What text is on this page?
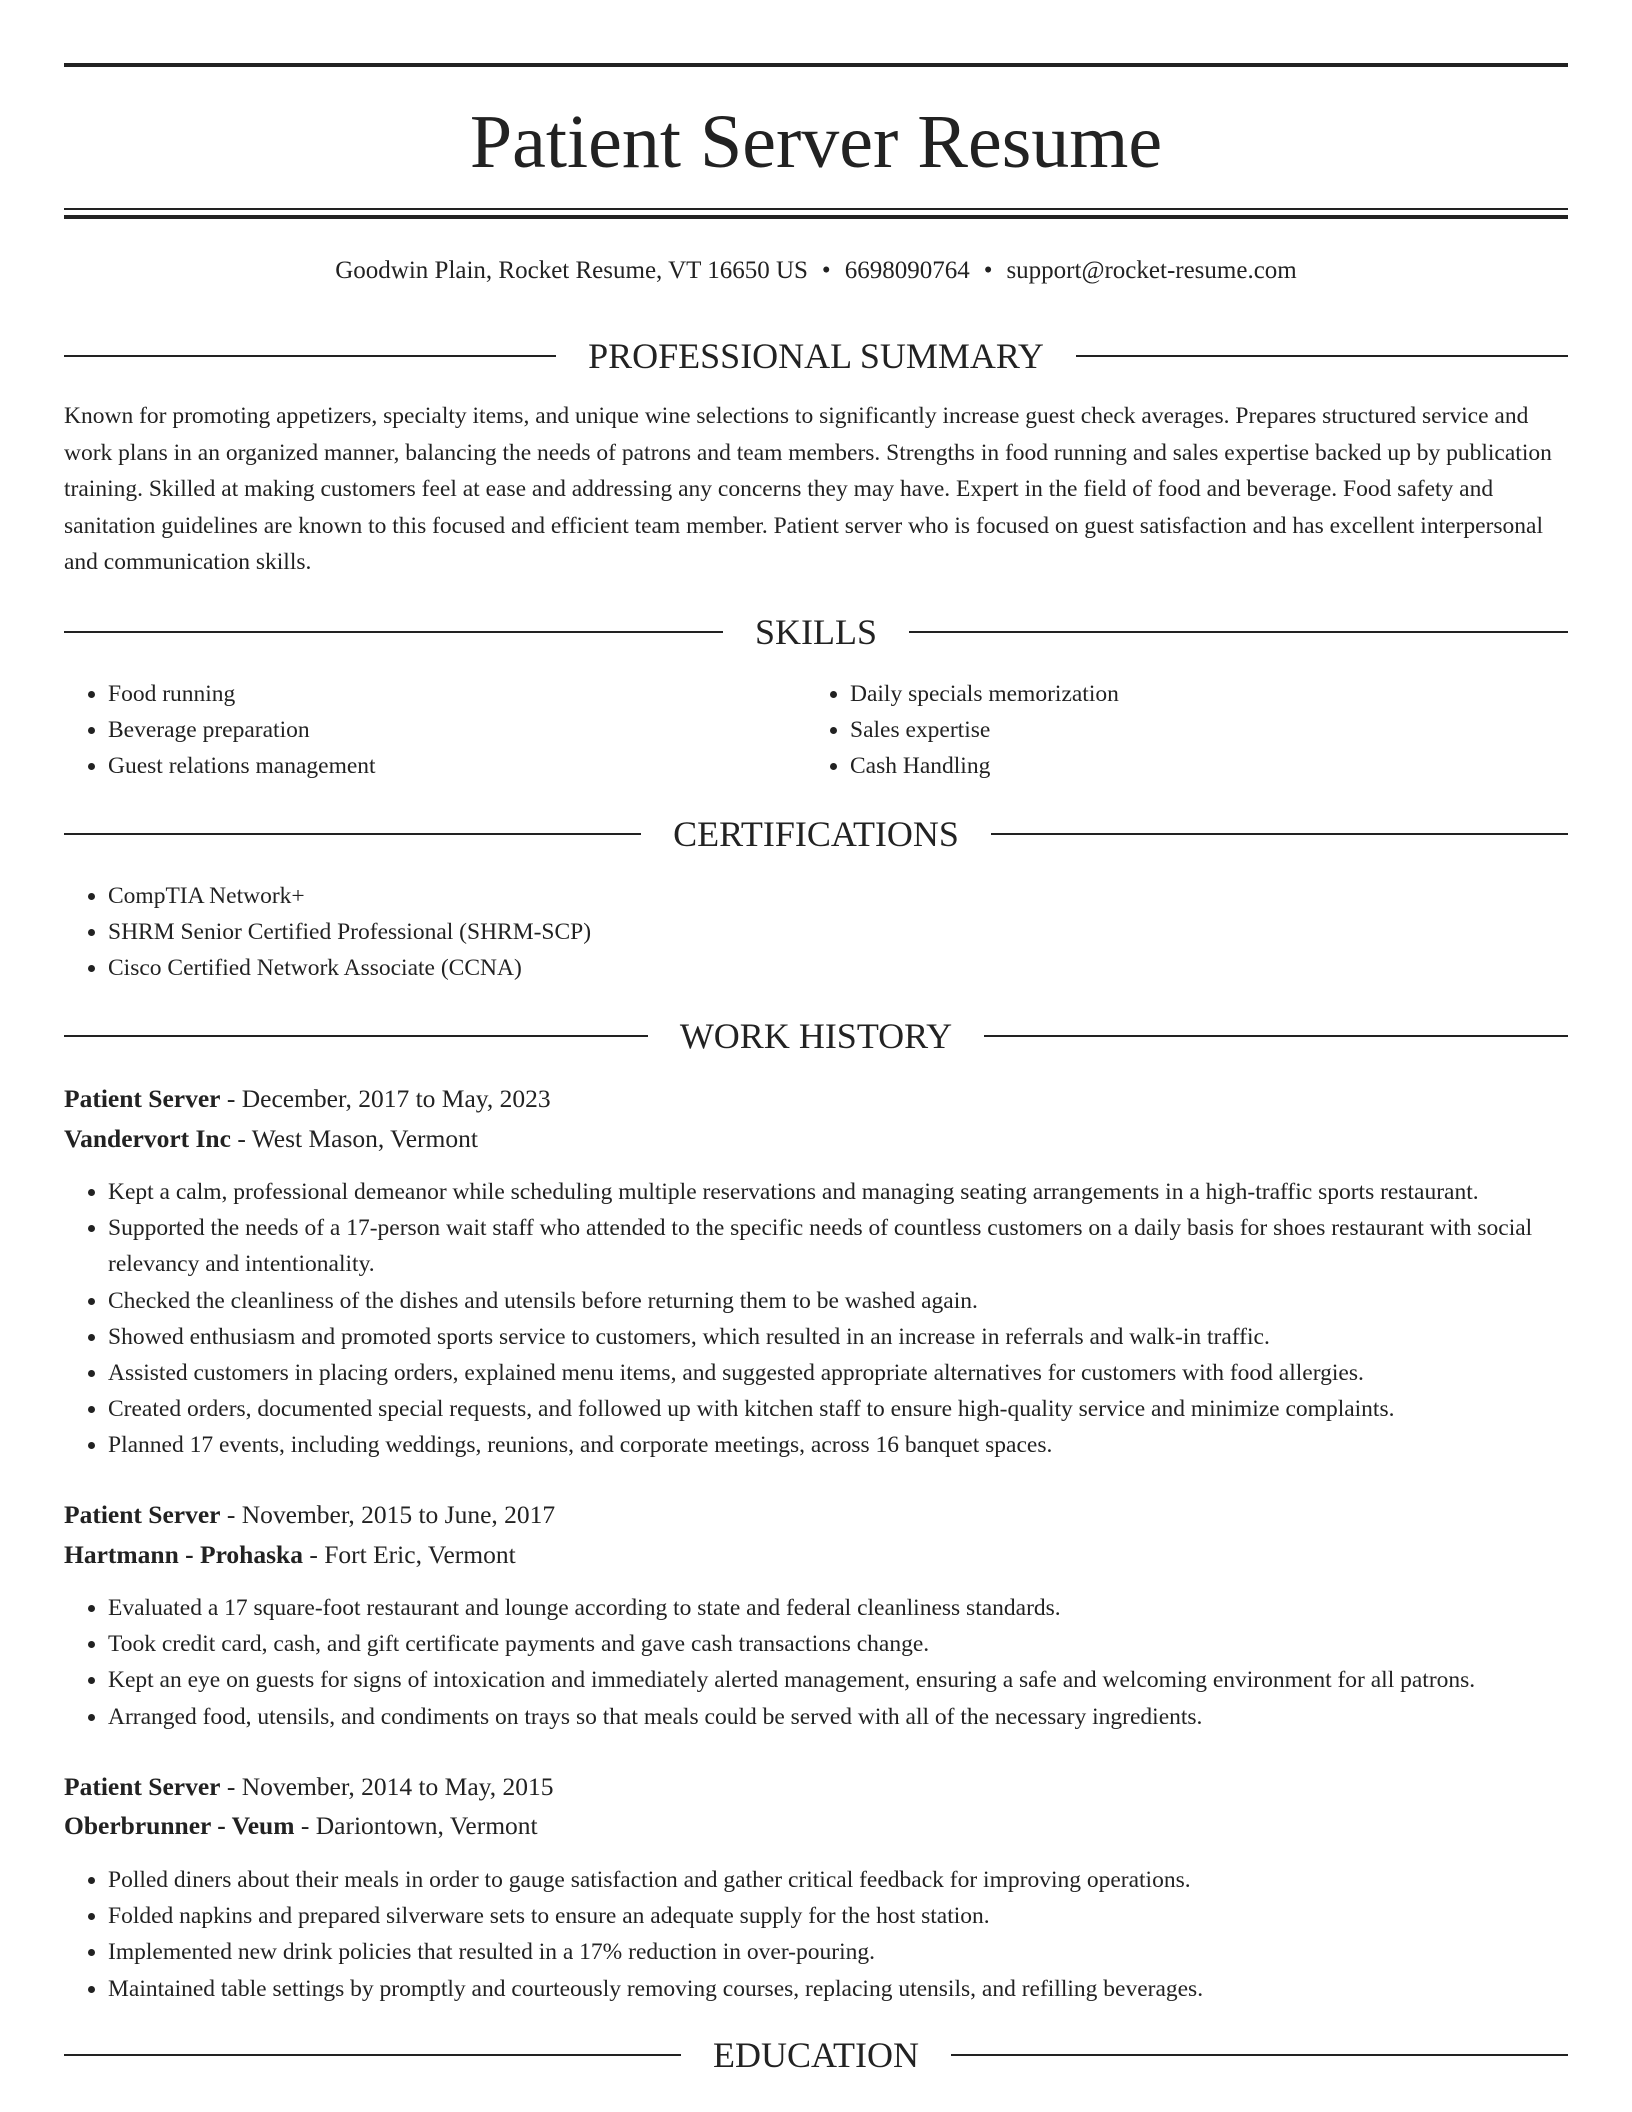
Patient Server Resume
Goodwin Plain, Rocket Resume, VT 16650 US • 6698090764 • support@rocket-resume.com
PROFESSIONAL SUMMARY

Known for promoting appetizers, specialty items, and unique wine selections to significantly increase guest check averages. Prepares structured service and work plans in an organized manner, balancing the needs of patrons and team members. Strengths in food running and sales expertise backed up by publication training. Skilled at making customers feel at ease and addressing any concerns they may have. Expert in the field of food and beverage. Food safety and sanitation guidelines are known to this focused and efficient team member. Patient server who is focused on guest satisfaction and has excellent interpersonal and communication skills.

SKILLS
• Food running
• Beverage preparation
• Guest relations management
• Daily specials memorization
• Sales expertise
• Cash Handling
CERTIFICATIONS
• CompTIA Network+
• SHRM Senior Certified Professional (SHRM-SCP)
• Cisco Certified Network Associate (CCNA)
WORK HISTORY
Patient Server - December, 2017 to May, 2023
Vandervort Inc - West Mason, Vermont
• Kept a calm, professional demeanor while scheduling multiple reservations and managing seating arrangements in a high-traffic sports restaurant.
• Supported the needs of a 17-person wait staff who attended to the specific needs of countless customers on a daily basis for shoes restaurant with social relevancy and intentionality.
• Checked the cleanliness of the dishes and utensils before returning them to be washed again.
• Showed enthusiasm and promoted sports service to customers, which resulted in an increase in referrals and walk-in traffic.
• Assisted customers in placing orders, explained menu items, and suggested appropriate alternatives for customers with food allergies.
• Created orders, documented special requests, and followed up with kitchen staff to ensure high-quality service and minimize complaints.
• Planned 17 events, including weddings, reunions, and corporate meetings, across 16 banquet spaces.
Patient Server - November, 2015 to June, 2017
Hartmann - Prohaska - Fort Eric, Vermont
• Evaluated a 17 square-foot restaurant and lounge according to state and federal cleanliness standards.
• Took credit card, cash, and gift certificate payments and gave cash transactions change.
• Kept an eye on guests for signs of intoxication and immediately alerted management, ensuring a safe and welcoming environment for all patrons.
• Arranged food, utensils, and condiments on trays so that meals could be served with all of the necessary ingredients.
Patient Server - November, 2014 to May, 2015
Oberbrunner - Veum - Dariontown, Vermont
• Polled diners about their meals in order to gauge satisfaction and gather critical feedback for improving operations.
• Folded napkins and prepared silverware sets to ensure an adequate supply for the host station.
• Implemented new drink policies that resulted in a 17% reduction in over-pouring.
• Maintained table settings by promptly and courteously removing courses, replacing utensils, and refilling beverages.
EDUCATION
